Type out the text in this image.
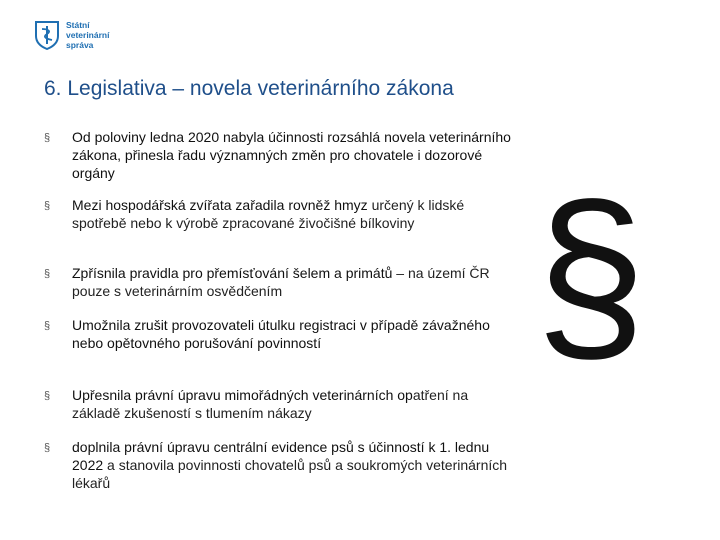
Státní
veterinární
správa
6. Legislativa – novela veterinárního zákona
§ Od poloviny ledna 2020 nabyla účinnosti rozsáhlá novela veterinárního zákona, přinesla řadu významných změn pro chovatele i dozorové orgány
§ Mezi hospodářská zvířata zařadila rovněž hmyz určený k lidské spotřebě nebo k výrobě zpracované živočišné bílkoviny
§ Zpřísnila pravidla pro přemísťování šelem a primátů – na území ČR pouze s veterinárním osvědčením
§ Umožnila zrušit provozovateli útulku registraci v případě závažného nebo opětovného porušování povinností
§ Upřesnila právní úpravu mimořádných veterinárních opatření na základě zkušeností s tlumením nákazy
§ doplnila právní úpravu centrální evidence psů s účinností k 1. lednu 2022 a stanovila povinnosti chovatelů psů a soukromých veterinárních lékařů
§
